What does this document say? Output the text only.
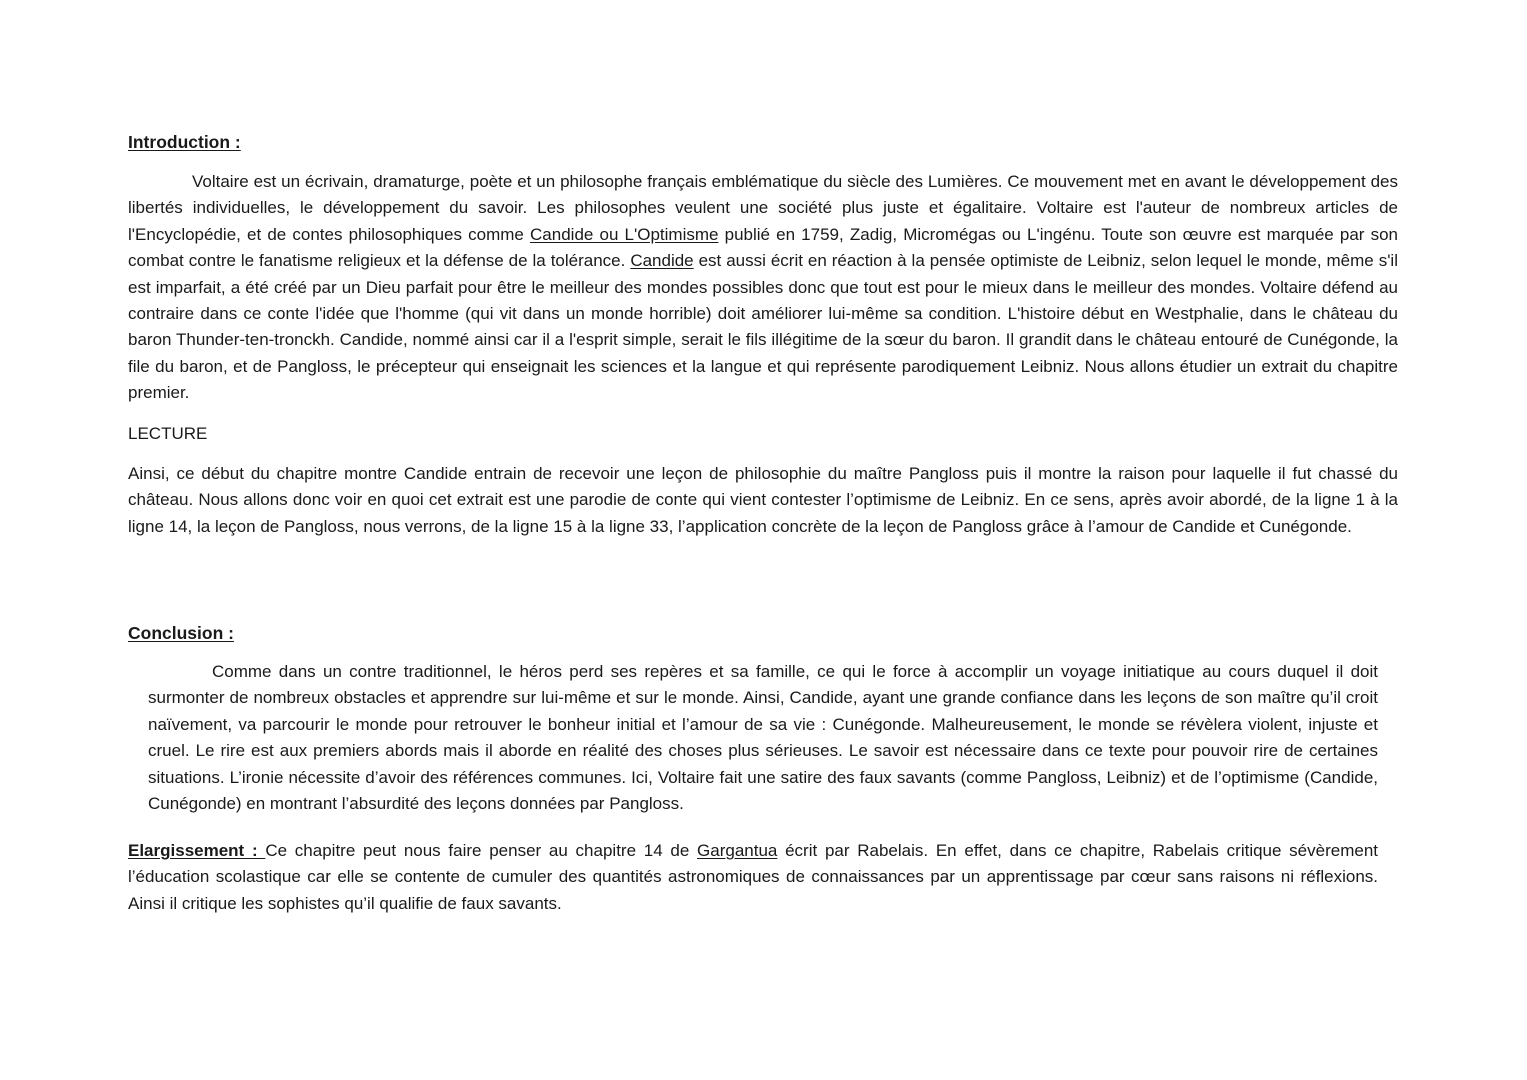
Introduction :

Voltaire est un écrivain, dramaturge, poète et un philosophe français emblématique du siècle des Lumières. Ce mouvement met en avant le développement des libertés individuelles, le développement du savoir. Les philosophes veulent une société plus juste et égalitaire. Voltaire est l'auteur de nombreux articles de l'Encyclopédie, et de contes philosophiques comme Candide ou L'Optimisme publié en 1759, Zadig, Micromégas ou L'ingénu. Toute son œuvre est marquée par son combat contre le fanatisme religieux et la défense de la tolérance. Candide est aussi écrit en réaction à la pensée optimiste de Leibniz, selon lequel le monde, même s'il est imparfait, a été créé par un Dieu parfait pour être le meilleur des mondes possibles donc que tout est pour le mieux dans le meilleur des mondes. Voltaire défend au contraire dans ce conte l'idée que l'homme (qui vit dans un monde horrible) doit améliorer lui-même sa condition. L'histoire début en Westphalie, dans le château du baron Thunder-ten-tronckh. Candide, nommé ainsi car il a l'esprit simple, serait le fils illégitime de la sœur du baron. Il grandit dans le château entouré de Cunégonde, la file du baron, et de Pangloss, le précepteur qui enseignait les sciences et la langue et qui représente parodiquement Leibniz. Nous allons étudier un extrait du chapitre premier.

LECTURE

Ainsi, ce début du chapitre montre Candide entrain de recevoir une leçon de philosophie du maître Pangloss puis il montre la raison pour laquelle il fut chassé du château. Nous allons donc voir en quoi cet extrait est une parodie de conte qui vient contester l’optimisme de Leibniz. En ce sens, après avoir abordé, de la ligne 1 à la ligne 14, la leçon de Pangloss, nous verrons, de la ligne 15 à la ligne 33, l’application concrète de la leçon de Pangloss grâce à l’amour de Candide et Cunégonde.

Conclusion :

Comme dans un contre traditionnel, le héros perd ses repères et sa famille, ce qui le force à accomplir un voyage initiatique au cours duquel il doit surmonter de nombreux obstacles et apprendre sur lui-même et sur le monde. Ainsi, Candide, ayant une grande confiance dans les leçons de son maître qu’il croit naïvement, va parcourir le monde pour retrouver le bonheur initial et l’amour de sa vie : Cunégonde. Malheureusement, le monde se révèlera violent, injuste et cruel. Le rire est aux premiers abords mais il aborde en réalité des choses plus sérieuses. Le savoir est nécessaire dans ce texte pour pouvoir rire de certaines situations. L’ironie nécessite d’avoir des références communes. Ici, Voltaire fait une satire des faux savants (comme Pangloss, Leibniz) et de l’optimisme (Candide, Cunégonde) en montrant l’absurdité des leçons données par Pangloss.

Elargissement : Ce chapitre peut nous faire penser au chapitre 14 de Gargantua écrit par Rabelais. En effet, dans ce chapitre, Rabelais critique sévèrement l’éducation scolastique car elle se contente de cumuler des quantités astronomiques de connaissances par un apprentissage par cœur sans raisons ni réflexions. Ainsi il critique les sophistes qu’il qualifie de faux savants.
